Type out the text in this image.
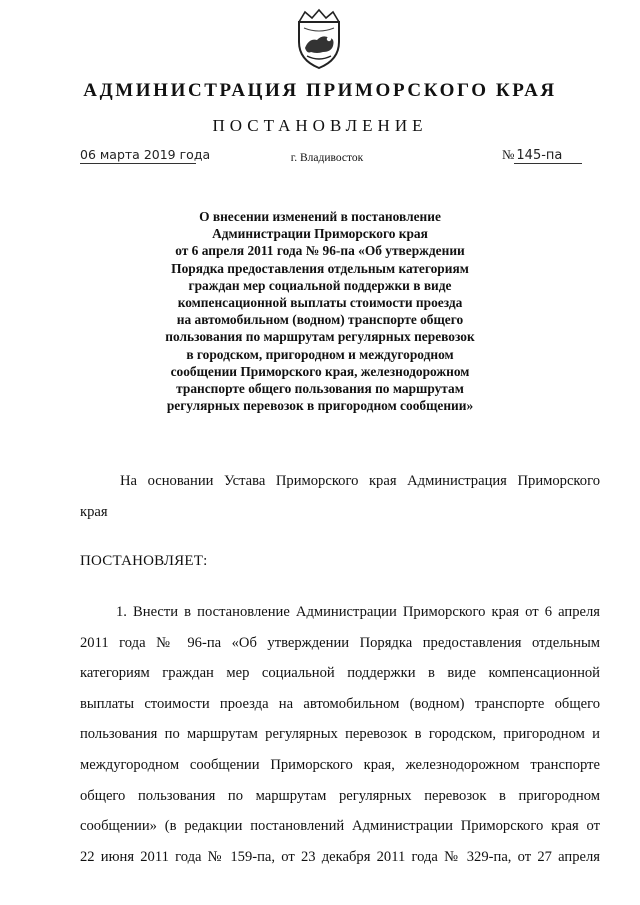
АДМИНИСТРАЦИЯ ПРИМОРСКОГО КРАЯ
ПОСТАНОВЛЕНИЕ
06 марта 2019 года	г. Владивосток	№ 145-па
О внесении изменений в постановление
Администрации Приморского края
от 6 апреля 2011 года № 96-па «Об утверждении
Порядка предоставления отдельным категориям
граждан мер социальной поддержки в виде
компенсационной выплаты стоимости проезда
на автомобильном (водном) транспорте общего
пользования по маршрутам регулярных перевозок
в городском, пригородном и междугородном
сообщении Приморского края, железнодорожном
транспорте общего пользования по маршрутам
регулярных перевозок в пригородном сообщении»
На основании Устава Приморского края Администрация Приморского
края
ПОСТАНОВЛЯЕТ:
1. Внести в постановление Администрации Приморского края от 6 апреля
2011 года № 96-па «Об утверждении Порядка предоставления отдельным
категориям граждан мер социальной поддержки в виде компенсационной
выплаты стоимости проезда на автомобильном (водном) транспорте общего
пользования по маршрутам регулярных перевозок в городском, пригородном и
междугородном сообщении Приморского края, железнодорожном транспорте
общего пользования по маршрутам регулярных перевозок в пригородном
сообщении» (в редакции постановлений Администрации Приморского края от
22 июня 2011 года № 159-па, от 23 декабря 2011 года № 329-па, от 27 апреля
